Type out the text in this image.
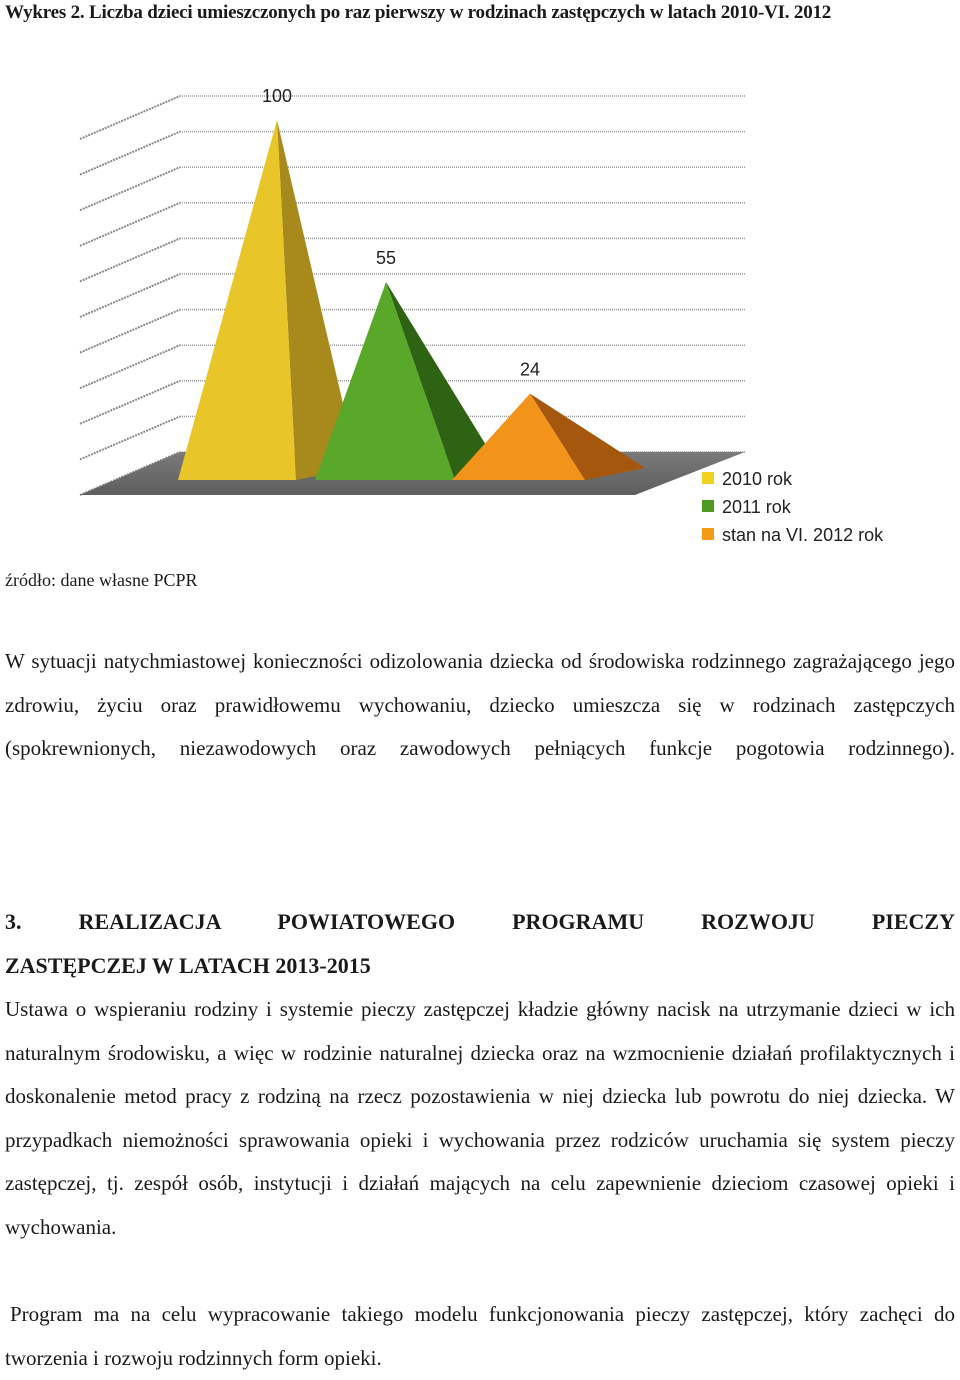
Wykres 2. Liczba dzieci umieszczonych po raz pierwszy w rodzinach zastępczych w latach 2010-VI. 2012
100
55
24
2010 rok
2011 rok
stan na VI. 2012 rok
źródło: dane własne PCPR

W sytuacji natychmiastowej konieczności odizolowania dziecka od środowiska rodzinnego zagrażającego jego zdrowiu, życiu oraz prawidłowemu wychowaniu, dziecko umieszcza się w rodzinach zastępczych (spokrewnionych, niezawodowych oraz zawodowych pełniących funkcje pogotowia rodzinnego).

3. REALIZACJA POWIATOWEGO PROGRAMU ROZWOJU PIECZY
ZASTĘPCZEJ W LATACH 2013-2015

Ustawa o wspieraniu rodziny i systemie pieczy zastępczej kładzie główny nacisk na utrzymanie dzieci w ich naturalnym środowisku, a więc w rodzinie naturalnej dziecka oraz na wzmocnienie działań profilaktycznych i doskonalenie metod pracy z rodziną na rzecz pozostawienia w niej dziecka lub powrotu do niej dziecka. W przypadkach niemożności sprawowania opieki i wychowania przez rodziców uruchamia się system pieczy zastępczej, tj. zespół osób, instytucji i działań mających na celu zapewnienie dzieciom czasowej opieki i wychowania.

Program ma na celu wypracowanie takiego modelu funkcjonowania pieczy zastępczej, który zachęci do tworzenia i rozwoju rodzinnych form opieki.
